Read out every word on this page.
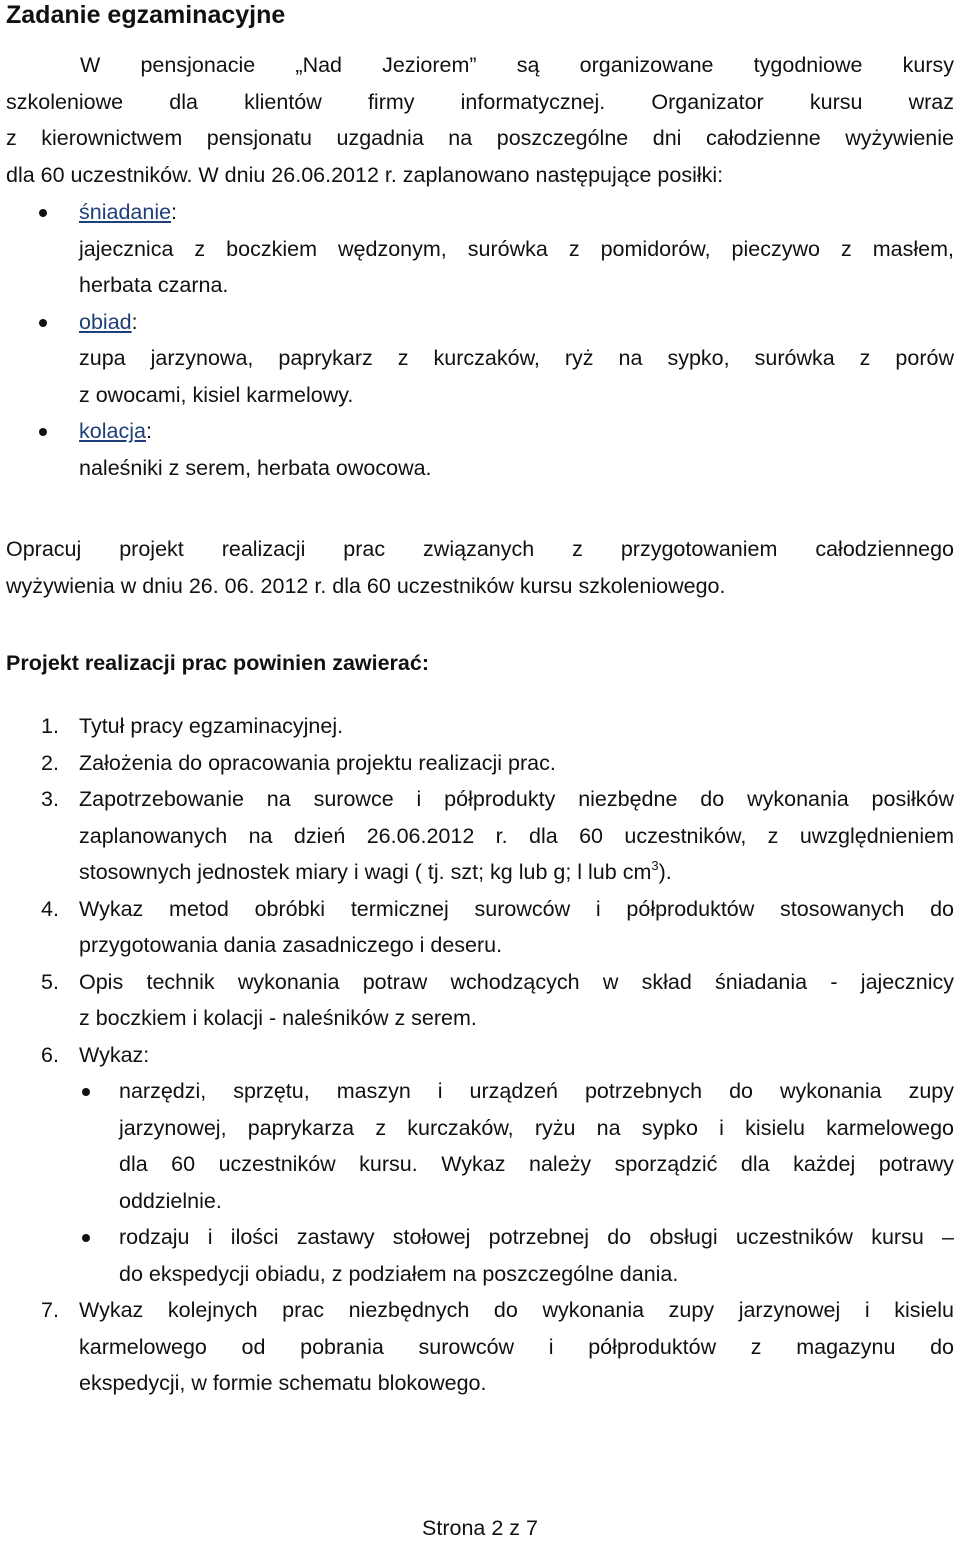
Zadanie egzaminacyjne
W pensjonacie „Nad Jeziorem” są organizowane tygodniowe kursy
szkoleniowe dla klientów firmy informatycznej. Organizator kursu wraz
z kierownictwem pensjonatu uzgadnia na poszczególne dni całodzienne wyżywienie
dla 60 uczestników. W dniu 26.06.2012 r. zaplanowano następujące posiłki:
śniadanie:
jajecznica z boczkiem wędzonym, surówka z pomidorów, pieczywo z masłem,
herbata czarna.
obiad:
zupa jarzynowa, paprykarz z kurczaków, ryż na sypko, surówka z porów
z owocami, kisiel karmelowy.
kolacja:
naleśniki z serem, herbata owocowa.
Opracuj projekt realizacji prac związanych z przygotowaniem całodziennego
wyżywienia w dniu 26. 06. 2012 r. dla 60 uczestników kursu szkoleniowego.
Projekt realizacji prac powinien zawierać:
1. Tytuł pracy egzaminacyjnej.
2. Założenia do opracowania projektu realizacji prac.
3. Zapotrzebowanie na surowce i półprodukty niezbędne do wykonania posiłków
zaplanowanych na dzień 26.06.2012 r. dla 60 uczestników, z uwzględnieniem
stosownych jednostek miary i wagi ( tj. szt; kg lub g; l lub $cm^3$).
4. Wykaz metod obróbki termicznej surowców i półproduktów stosowanych do
przygotowania dania zasadniczego i deseru.
5. Opis technik wykonania potraw wchodzących w skład śniadania - jajecznicy
z boczkiem i kolacji - naleśników z serem.
6. Wykaz:
narzędzi, sprzętu, maszyn i urządzeń potrzebnych do wykonania zupy
jarzynowej, paprykarza z kurczaków, ryżu na sypko i kisielu karmelowego
dla 60 uczestników kursu. Wykaz należy sporządzić dla każdej potrawy
oddzielnie.
rodzaju i ilości zastawy stołowej potrzebnej do obsługi uczestników kursu –
do ekspedycji obiadu, z podziałem na poszczególne dania.
7. Wykaz kolejnych prac niezbędnych do wykonania zupy jarzynowej i kisielu
karmelowego od pobrania surowców i półproduktów z magazynu do
ekspedycji, w formie schematu blokowego.
Strona 2 z 7
